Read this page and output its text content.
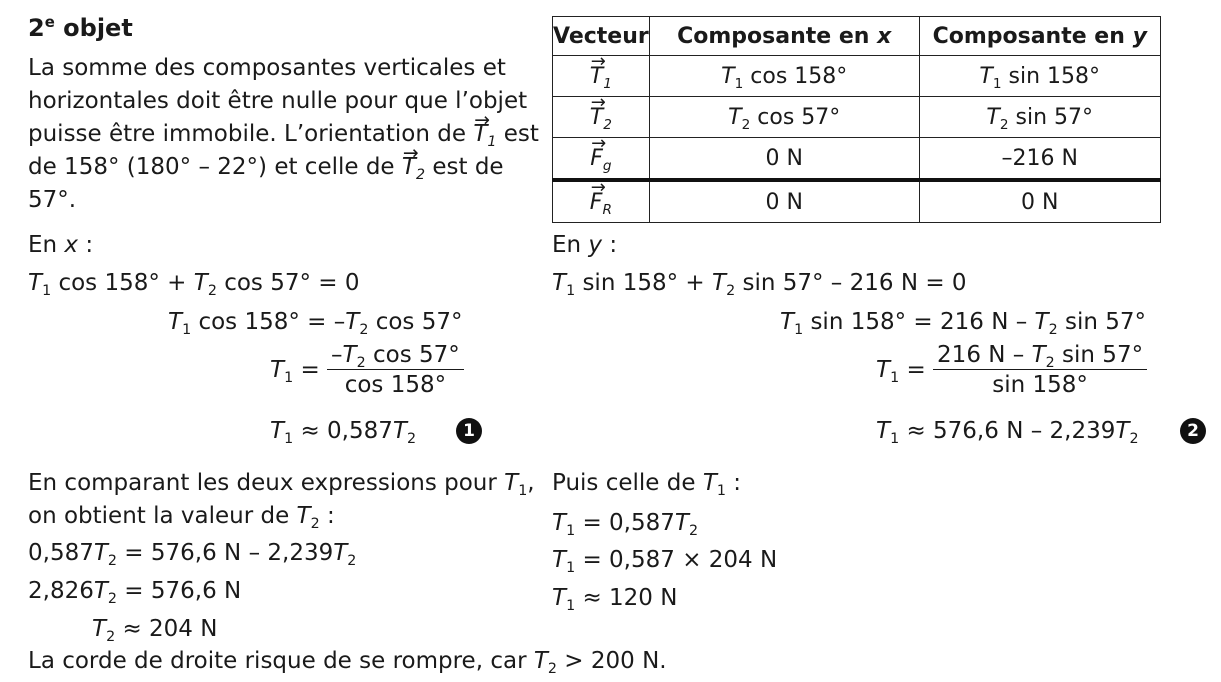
2e objet
La somme des composantes verticales et
horizontales doit être nulle pour que l’objet
puisse être immobile. L’orientation de → $T_1$ est
de 158° (180° – 22°) et celle de → $T_2$ est de 57°.
Vecteur	Composante en x	Composante en y
→ $T_1$	$T_1$ cos 158°	$T_1$ sin 158°
→ $T_2$	$T_2$ cos 57°	$T_2$ sin 57°
→ $F_g$	0 N	–216 N
→ $F_R$	0 N	0 N
En x :
$T_1$ $\cos 158^\circ + T_2$ cos 57° = 0
$T_1$ $\cos 158^\circ = -T_2$ cos 57°
$T_1 = \frac{-T_2 \cos 57^\circ}{\cos 158^\circ}$
$T_1 \approx 0,587T_2$	1
En y :
$T_1$ $\sin 158^\circ + T_2$ sin 57° – 216 N = 0
$T_1$ sin 158° = 216 N – $T_2$ sin 57°
$T_1 = \frac{216 N - T_2 \sin 57^\circ}{\sin 158^\circ}$
$T_1 \approx 576,6$ N – $2,239T_2$	2
En comparant les deux expressions pour $T_1$,
on obtient la valeur de $T_2$ :
$0,587T_2 = 576,6$ N – $2,239T_2$
$2,826T_2 = 576,6$ N
$T_2 \approx 204$ N
La corde de droite risque de se rompre, car $T_2 > 200$ N.
Puis celle de $T_1$ :
$T_1 = 0,587T_2$
$T_1 = 0,587 \times 204$ N
$T_1 \approx 120$ N
